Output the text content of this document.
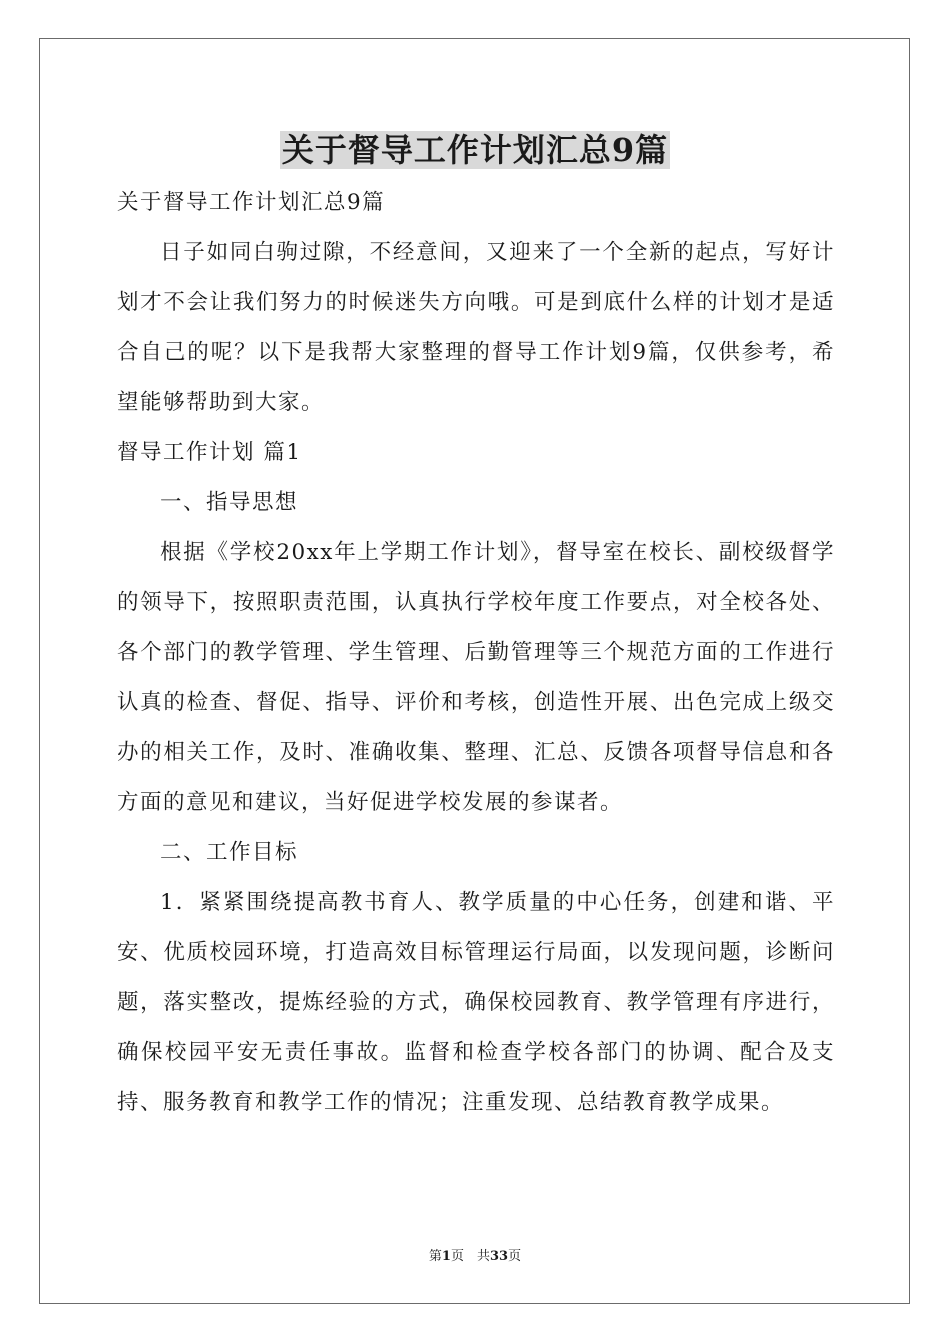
关于督导工作计划汇总9篇

关于督导工作计划汇总9篇

日子如同白驹过隙，不经意间，又迎来了一个全新的起点，写好计划才不会让我们努力的时候迷失方向哦。可是到底什么样的计划才是适合自己的呢？以下是我帮大家整理的督导工作计划9篇，仅供参考，希望能够帮助到大家。

督导工作计划 篇1

一、指导思想

根据《学校20xx年上学期工作计划》，督导室在校长、副校级督学的领导下，按照职责范围，认真执行学校年度工作要点，对全校各处、各个部门的教学管理、学生管理、后勤管理等三个规范方面的工作进行认真的检查、督促、指导、评价和考核，创造性开展、出色完成上级交办的相关工作，及时、准确收集、整理、汇总、反馈各项督导信息和各方面的意见和建议，当好促进学校发展的参谋者。

二、工作目标

1．紧紧围绕提高教书育人、教学质量的中心任务，创建和谐、平安、优质校园环境，打造高效目标管理运行局面，以发现问题，诊断问题，落实整改，提炼经验的方式，确保校园教育、教学管理有序进行，确保校园平安无责任事故。监督和检查学校各部门的协调、配合及支持、服务教育和教学工作的情况；注重发现、总结教育教学成果。

第1页　共33页
